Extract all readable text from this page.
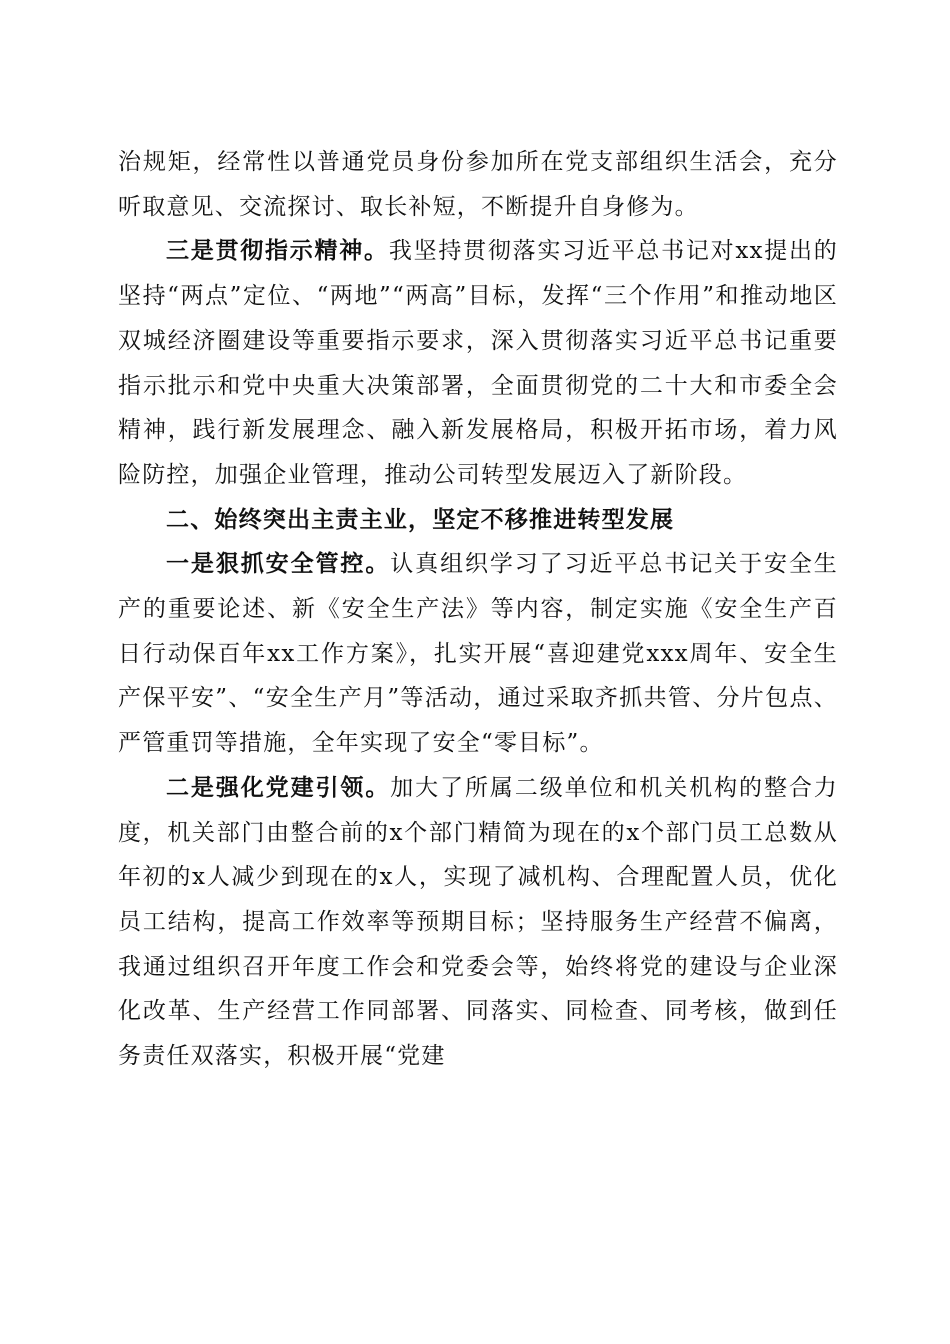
治规矩，经常性以普通党员身份参加所在党支部组织生活会，充分听取意见、交流探讨、取长补短，不断提升自身修为。

三是贯彻指示精神。我坚持贯彻落实习近平总书记对xx提出的坚持“两点”定位、“两地”“两高”目标，发挥“三个作用”和推动地区双城经济圈建设等重要指示要求，深入贯彻落实习近平总书记重要指示批示和党中央重大决策部署，全面贯彻党的二十大和市委全会精神，践行新发展理念、融入新发展格局，积极开拓市场，着力风险防控，加强企业管理，推动公司转型发展迈入了新阶段。

二、始终突出主责主业，坚定不移推进转型发展

一是狠抓安全管控。认真组织学习了习近平总书记关于安全生产的重要论述、新《安全生产法》等内容，制定实施《安全生产百日行动保百年xx工作方案》，扎实开展“喜迎建党xxx周年、安全生产保平安”、“安全生产月”等活动，通过采取齐抓共管、分片包点、严管重罚等措施，全年实现了安全“零目标”。

二是强化党建引领。加大了所属二级单位和机关机构的整合力度，机关部门由整合前的x个部门精简为现在的x个部门员工总数从年初的x人减少到现在的x人，实现了减机构、合理配置人员，优化员工结构，提高工作效率等预期目标；坚持服务生产经营不偏离，我通过组织召开年度工作会和党委会等，始终将党的建设与企业深化改革、生产经营工作同部署、同落实、同检查、同考核，做到任务责任双落实，积极开展“党建
